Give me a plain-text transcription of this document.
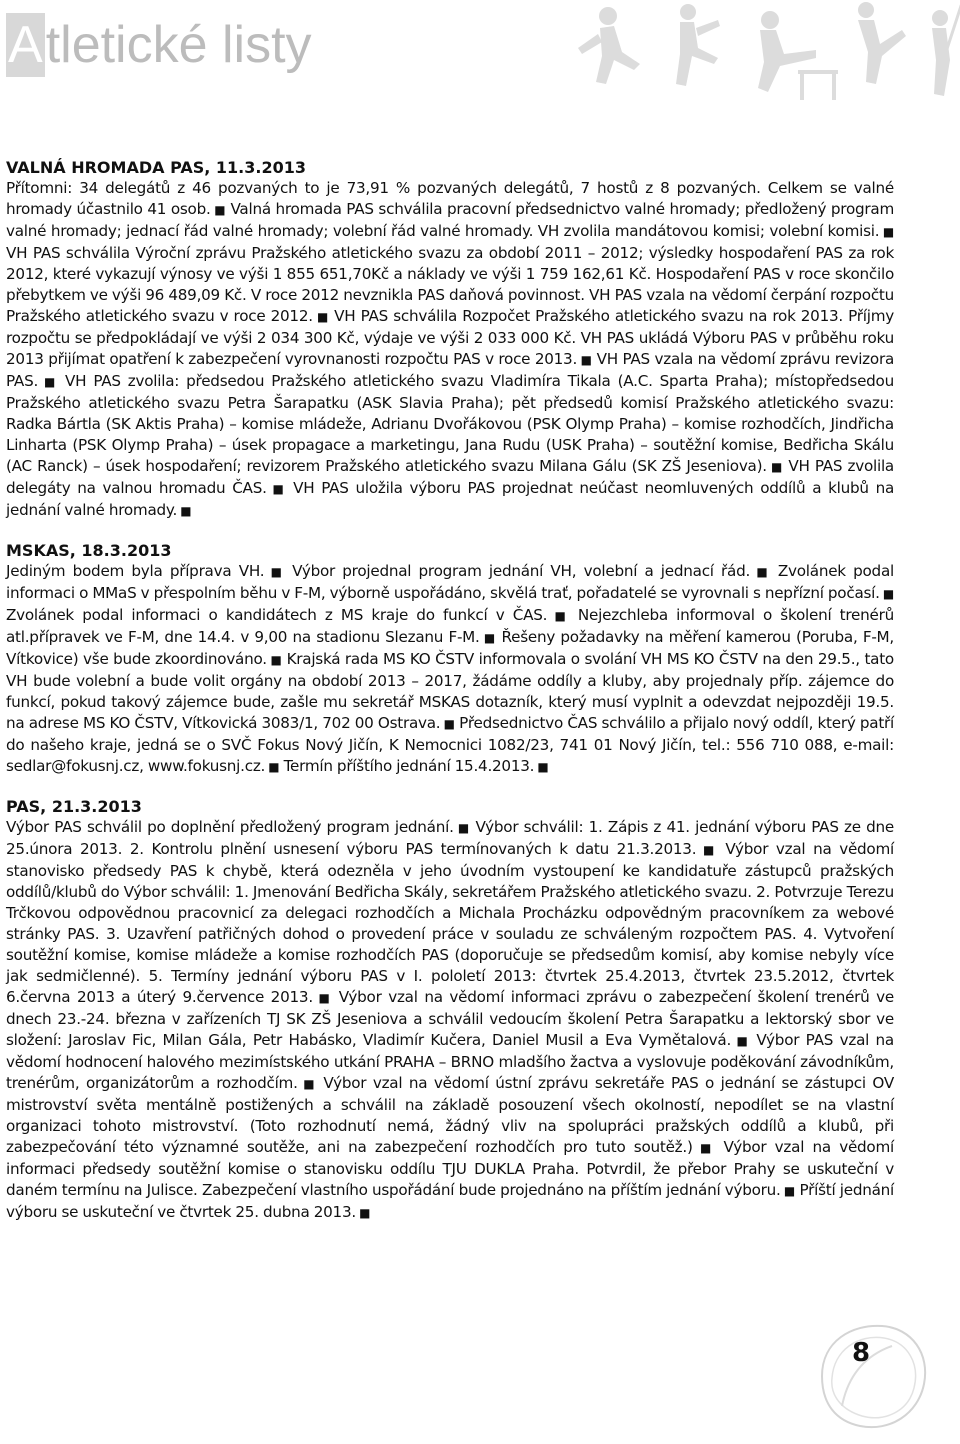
Atletické listy
VALNÁ HROMADA PAS, 11.3.2013

Přítomni: 34 delegátů z 46 pozvaných to je 73,91 % pozvaných delegátů, 7 hostů z 8 pozvaných. Celkem se valné hromady účastnilo 41 osob. ■ Valná hromada PAS schválila pracovní předsednictvo valné hromady; předložený program valné hromady; jednací řád valné hromady; volební řád valné hromady. VH zvolila mandátovou komisi; volební komisi. ■ VH PAS schválila Výroční zprávu Pražského atletického svazu za období 2011 – 2012; výsledky hospodaření PAS za rok 2012, které vykazují výnosy ve výši 1 855 651,70Kč a náklady ve výši 1 759 162,61 Kč. Hospodaření PAS v roce skončilo přebytkem ve výši 96 489,09 Kč. V roce 2012 nevznikla PAS daňová povinnost. VH PAS vzala na vědomí čerpání rozpočtu Pražského atletického svazu v roce 2012. ■ VH PAS schválila Rozpočet Pražského atletického svazu na rok 2013. Příjmy rozpočtu se předpokládají ve výši 2 034 300 Kč, výdaje ve výši 2 033 000 Kč. VH PAS ukládá Výboru PAS v průběhu roku 2013 přijímat opatření k zabezpečení vyrovnanosti rozpočtu PAS v roce 2013. ■ VH PAS vzala na vědomí zprávu revizora PAS. ■ VH PAS zvolila: předsedou Pražského atletického svazu Vladimíra Tikala (A.C. Sparta Praha); místopředsedou Pražského atletického svazu Petra Šarapatku (ASK Slavia Praha); pět předsedů komisí Pražského atletického svazu: Radka Bártla (SK Aktis Praha) – komise mládeže, Adrianu Dvořákovou (PSK Olymp Praha) – komise rozhodčích, Jindřicha Linharta (PSK Olymp Praha) – úsek propagace a marketingu, Jana Rudu (USK Praha) – soutěžní komise, Bedřicha Skálu (AC Ranck) – úsek hospodaření; revizorem Pražského atletického svazu Milana Gálu (SK ZŠ Jeseniova). ■ VH PAS zvolila delegáty na valnou hromadu ČAS. ■ VH PAS uložila výboru PAS projednat neúčast neomluvených oddílů a klubů na jednání valné hromady. ■

MSKAS, 18.3.2013

Jediným bodem byla příprava VH. ■ Výbor projednal program jednání VH, volební a jednací řád. ■ Zvolánek podal informaci o MMaS v přespolním běhu v F-M, výborně uspořádáno, skvělá trať, pořadatelé se vyrovnali s nepřízní počasí. ■ Zvolánek podal informaci o kandidátech z MS kraje do funkcí v ČAS. ■ Nejezchleba informoval o školení trenérů atl.přípravek ve F-M, dne 14.4. v 9,00 na stadionu Slezanu F-M. ■ Řešeny požadavky na měření kamerou (Poruba, F-M, Vítkovice) vše bude zkoordinováno. ■ Krajská rada MS KO ČSTV informovala o svolání VH MS KO ČSTV na den 29.5., tato VH bude volební a bude volit orgány na období 2013 – 2017, žádáme oddíly a kluby, aby projednaly příp. zájemce do funkcí, pokud takový zájemce bude, zašle mu sekretář MSKAS dotazník, který musí vyplnit a odevzdat nejpozději 19.5. na adrese MS KO ČSTV, Vítkovická 3083/1, 702 00 Ostrava. ■ Předsednictvo ČAS schválilo a přijalo nový oddíl, který patří do našeho kraje, jedná se o SVČ Fokus Nový Jičín, K Nemocnici 1082/23, 741 01 Nový Jičín, tel.: 556 710 088, e-mail: sedlar@fokusnj.cz, www.fokusnj.cz. ■ Termín příštího jednání 15.4.2013. ■

PAS, 21.3.2013

Výbor PAS schválil po doplnění předložený program jednání. ■ Výbor schválil: 1. Zápis z 41. jednání výboru PAS ze dne 25.února 2013. 2. Kontrolu plnění usnesení výboru PAS termínovaných k datu 21.3.2013. ■ Výbor vzal na vědomí stanovisko předsedy PAS k chybě, která odezněla v jeho úvodním vystoupení ke kandidatuře zástupců pražských oddílů/klubů do Výbor schválil: 1. Jmenování Bedřicha Skály, sekretářem Pražského atletického svazu. 2. Potvrzuje Terezu Trčkovou odpovědnou pracovnicí za delegaci rozhodčích a Michala Procházku odpovědným pracovníkem za webové stránky PAS. 3. Uzavření patřičných dohod o provedení práce v souladu ze schváleným rozpočtem PAS. 4. Vytvoření soutěžní komise, komise mládeže a komise rozhodčích PAS (doporučuje se předsedům komisí, aby komise nebyly více jak sedmičlenné). 5. Termíny jednání výboru PAS v I. pololetí 2013: čtvrtek 25.4.2013, čtvrtek 23.5.2012, čtvrtek 6.června 2013 a úterý 9.července 2013. ■ Výbor vzal na vědomí informaci zprávu o zabezpečení školení trenérů ve dnech 23.-24. března v zařízeních TJ SK ZŠ Jeseniova a schválil vedoucím školení Petra Šarapatku a lektorský sbor ve složení: Jaroslav Fic, Milan Gála, Petr Habásko, Vladimír Kučera, Daniel Musil a Eva Vymětalová. ■ Výbor PAS vzal na vědomí hodnocení halového mezimístského utkání PRAHA – BRNO mladšího žactva a vyslovuje poděkování závodníkům, trenérům, organizátorům a rozhodčím. ■ Výbor vzal na vědomí ústní zprávu sekretáře PAS o jednání se zástupci OV mistrovství světa mentálně postižených a schválil na základě posouzení všech okolností, nepodílet se na vlastní organizaci tohoto mistrovství. (Toto rozhodnutí nemá, žádný vliv na spolupráci pražských oddílů a klubů, při zabezpečování této významné soutěže, ani na zabezpečení rozhodčích pro tuto soutěž.) ■ Výbor vzal na vědomí informaci předsedy soutěžní komise o stanovisku oddílu TJU DUKLA Praha. Potvrdil, že přebor Prahy se uskuteční v daném termínu na Julisce. Zabezpečení vlastního uspořádání bude projednáno na příštím jednání výboru. ■ Příští jednání výboru se uskuteční ve čtvrtek 25. dubna 2013. ■

8
